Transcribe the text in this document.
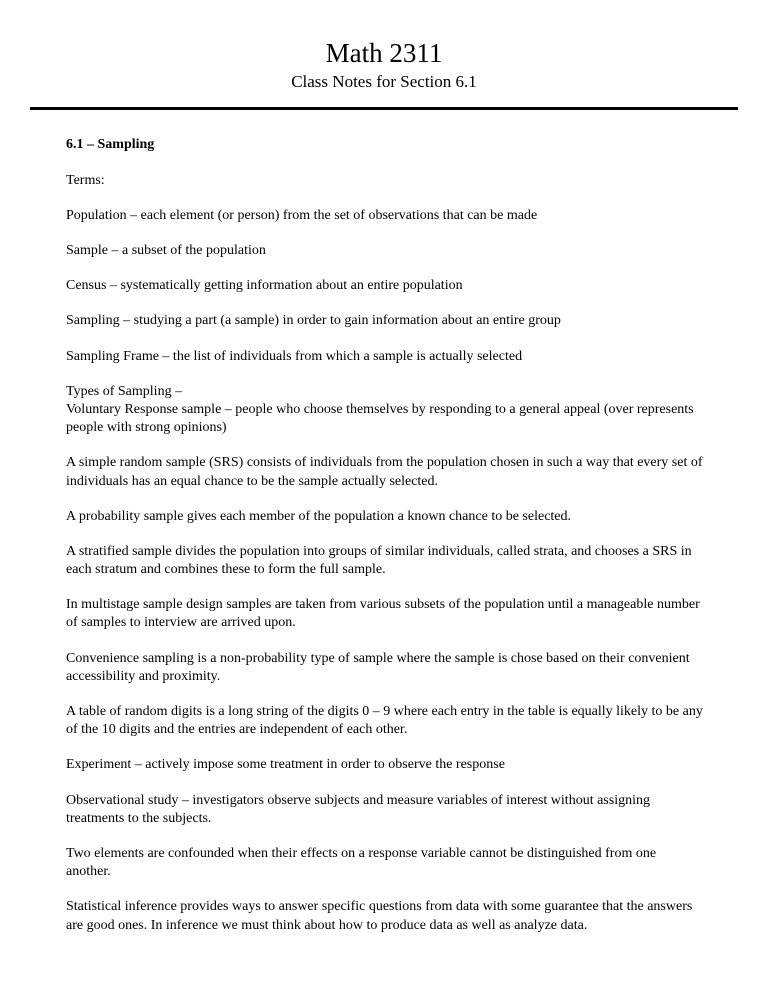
Math 2311
Class Notes for Section 6.1

6.1 – Sampling

Terms:

Population – each element (or person) from the set of observations that can be made

Sample – a subset of the population

Census – systematically getting information about an entire population

Sampling – studying a part (a sample) in order to gain information about an entire group

Sampling Frame – the list of individuals from which a sample is actually selected

Types of Sampling –

Voluntary Response sample – people who choose themselves by responding to a general appeal (over represents people with strong opinions)

A simple random sample (SRS) consists of individuals from the population chosen in such a way that every set of individuals has an equal chance to be the sample actually selected.

A probability sample gives each member of the population a known chance to be selected.

A stratified sample divides the population into groups of similar individuals, called strata, and chooses a SRS in each stratum and combines these to form the full sample.

In multistage sample design samples are taken from various subsets of the population until a manageable number of samples to interview are arrived upon.

Convenience sampling is a non-probability type of sample where the sample is chose based on their convenient accessibility and proximity.

A table of random digits is a long string of the digits 0 – 9 where each entry in the table is equally likely to be any of the 10 digits and the entries are independent of each other.

Experiment – actively impose some treatment in order to observe the response

Observational study – investigators observe subjects and measure variables of interest without assigning treatments to the subjects.

Two elements are confounded when their effects on a response variable cannot be distinguished from one another.

Statistical inference provides ways to answer specific questions from data with some guarantee that the answers are good ones. In inference we must think about how to produce data as well as analyze data.
